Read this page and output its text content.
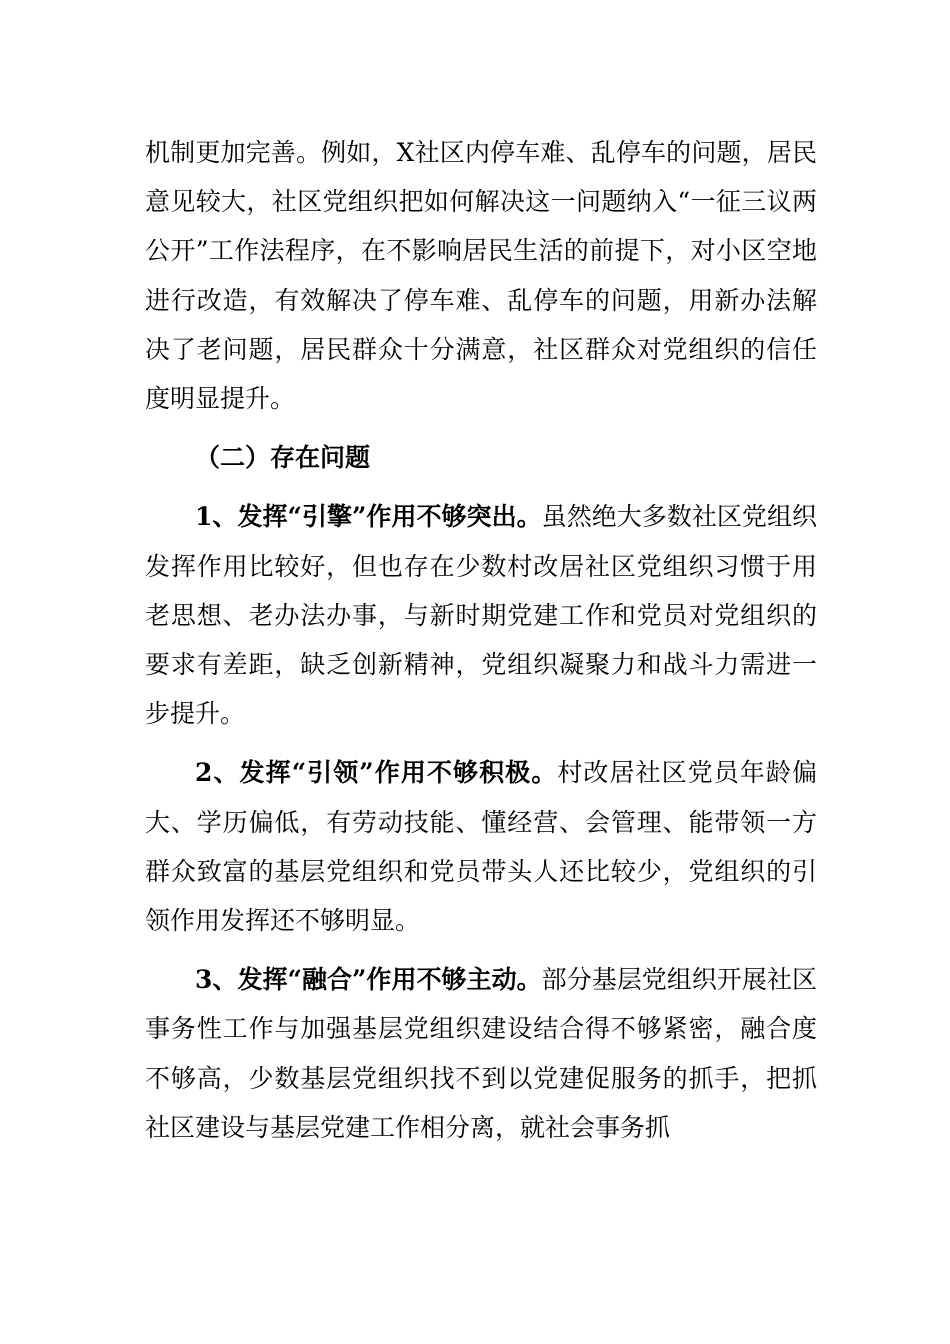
机制更加完善。例如，X社区内停车难、乱停车的问题，居民意见较大，社区党组织把如何解决这一问题纳入“一征三议两公开”工作法程序，在不影响居民生活的前提下，对小区空地进行改造，有效解决了停车难、乱停车的问题，用新办法解决了老问题，居民群众十分满意，社区群众对党组织的信任度明显提升。

（二）存在问题

1、发挥“引擎”作用不够突出。虽然绝大多数社区党组织发挥作用比较好，但也存在少数村改居社区党组织习惯于用老思想、老办法办事，与新时期党建工作和党员对党组织的要求有差距，缺乏创新精神，党组织凝聚力和战斗力需进一步提升。

2、发挥“引领”作用不够积极。村改居社区党员年龄偏大、学历偏低，有劳动技能、懂经营、会管理、能带领一方群众致富的基层党组织和党员带头人还比较少，党组织的引领作用发挥还不够明显。

3、发挥“融合”作用不够主动。部分基层党组织开展社区事务性工作与加强基层党组织建设结合得不够紧密，融合度不够高，少数基层党组织找不到以党建促服务的抓手，把抓社区建设与基层党建工作相分离，就社会事务抓
